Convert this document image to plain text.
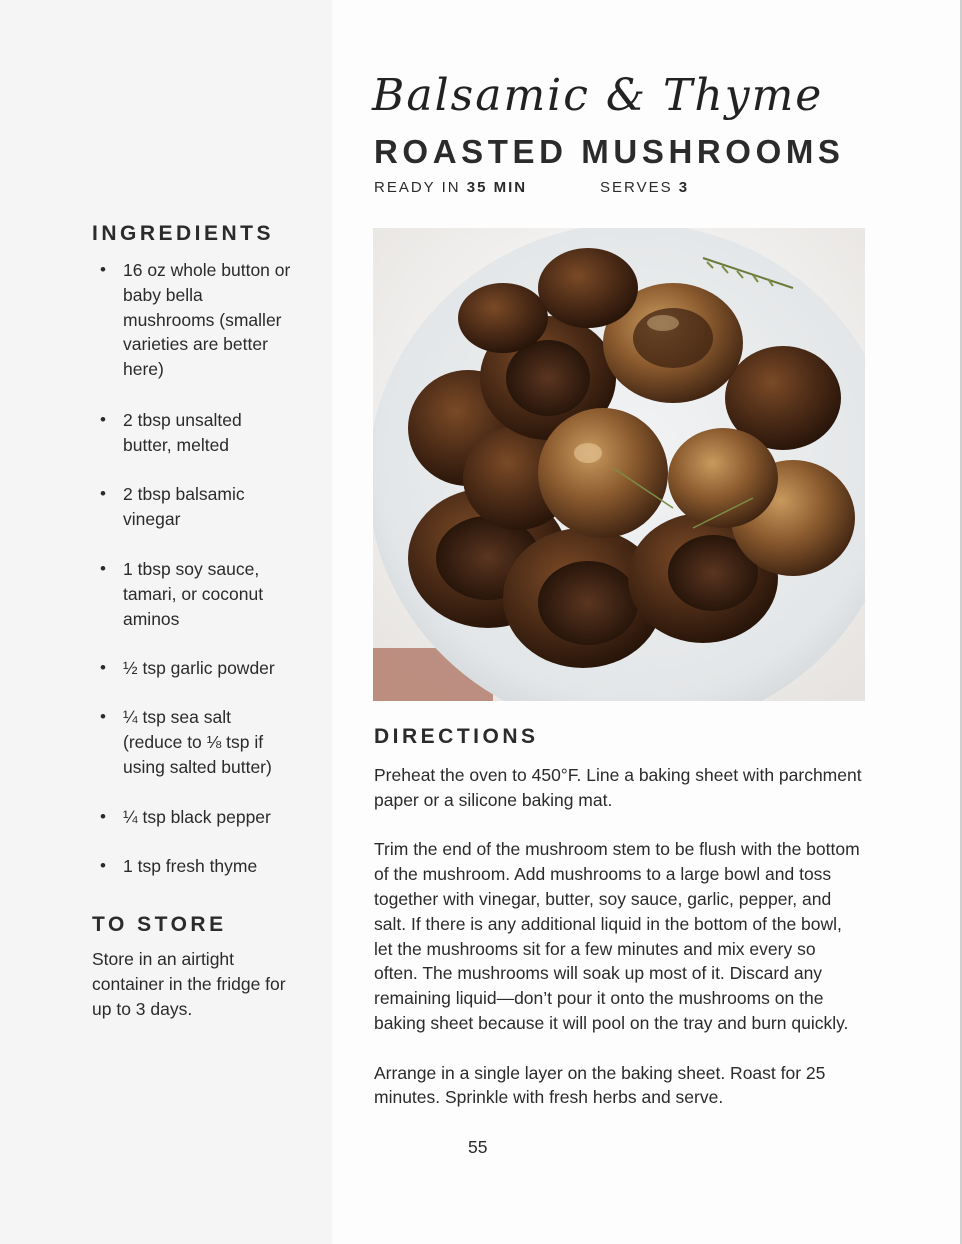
Balsamic & Thyme
ROASTED MUSHROOMS
READY IN 35 MIN	SERVES 3
INGREDIENTS
• 16 oz whole button or baby bella mushrooms (smaller varieties are better here)
• 2 tbsp unsalted butter, melted
• 2 tbsp balsamic vinegar
• 1 tbsp soy sauce, tamari, or coconut aminos
• ½ tsp garlic powder
• ¼ tsp sea salt (reduce to ⅛ tsp if using salted butter)
• ¼ tsp black pepper
• 1 tsp fresh thyme
TO STORE
Store in an airtight container in the fridge for up to 3 days.
DIRECTIONS

Preheat the oven to 450°F. Line a baking sheet with parchment paper or a silicone baking mat.

Trim the end of the mushroom stem to be flush with the bottom of the mushroom. Add mushrooms to a large bowl and toss together with vinegar, butter, soy sauce, garlic, pepper, and salt. If there is any additional liquid in the bottom of the bowl, let the mushrooms sit for a few minutes and mix every so often. The mushrooms will soak up most of it. Discard any remaining liquid—don’t pour it onto the mushrooms on the baking sheet because it will pool on the tray and burn quickly.

Arrange in a single layer on the baking sheet. Roast for 25 minutes. Sprinkle with fresh herbs and serve.

55
